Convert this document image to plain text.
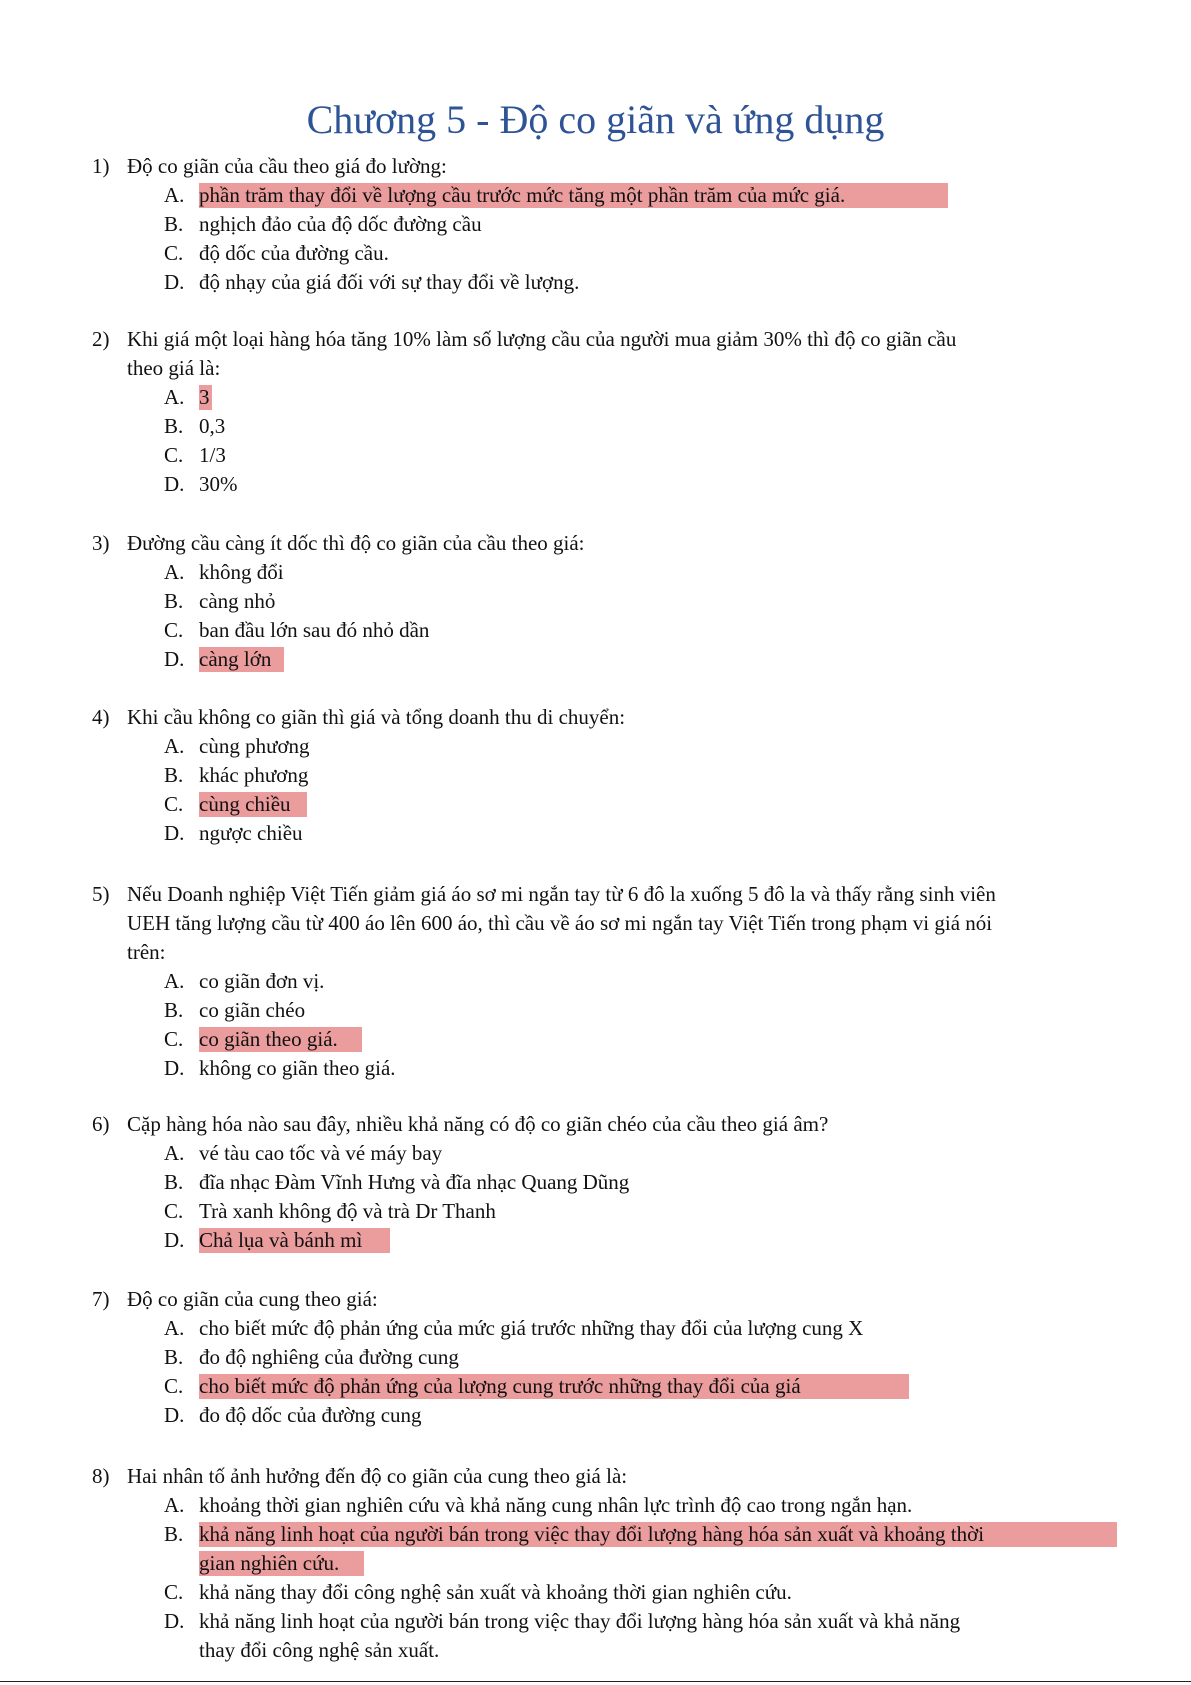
Chương 5 - Độ co giãn và ứng dụng
1) Độ co giãn của cầu theo giá đo lường:
A. phần trăm thay đổi về lượng cầu trước mức tăng một phần trăm của mức giá.
B. nghịch đảo của độ dốc đường cầu
C. độ dốc của đường cầu.
D. độ nhạy của giá đối với sự thay đổi về lượng.
2) Khi giá một loại hàng hóa tăng 10% làm số lượng cầu của người mua giảm 30% thì độ co giãn cầu
theo giá là:
A. 3
B. 0,3
C. 1/3
D. 30%
3) Đường cầu càng ít dốc thì độ co giãn của cầu theo giá:
A. không đổi
B. càng nhỏ
C. ban đầu lớn sau đó nhỏ dần
D. càng lớn
4) Khi cầu không co giãn thì giá và tổng doanh thu di chuyển:
A. cùng phương
B. khác phương
C. cùng chiều
D. ngược chiều
5) Nếu Doanh nghiệp Việt Tiến giảm giá áo sơ mi ngắn tay từ 6 đô la xuống 5 đô la và thấy rằng sinh viên
UEH tăng lượng cầu từ 400 áo lên 600 áo, thì cầu về áo sơ mi ngắn tay Việt Tiến trong phạm vi giá nói
trên:
A. co giãn đơn vị.
B. co giãn chéo
C. co giãn theo giá.
D. không co giãn theo giá.
6) Cặp hàng hóa nào sau đây, nhiều khả năng có độ co giãn chéo của cầu theo giá âm?
A. vé tàu cao tốc và vé máy bay
B. đĩa nhạc Đàm Vĩnh Hưng và đĩa nhạc Quang Dũng
C. Trà xanh không độ và trà Dr Thanh
D. Chả lụa và bánh mì
7) Độ co giãn của cung theo giá:
A. cho biết mức độ phản ứng của mức giá trước những thay đổi của lượng cung X
B. đo độ nghiêng của đường cung
C. cho biết mức độ phản ứng của lượng cung trước những thay đổi của giá
D. đo độ dốc của đường cung
8) Hai nhân tố ảnh hưởng đến độ co giãn của cung theo giá là:
A. khoảng thời gian nghiên cứu và khả năng cung nhân lực trình độ cao trong ngắn hạn.
B. khả năng linh hoạt của người bán trong việc thay đổi lượng hàng hóa sản xuất và khoảng thời
gian nghiên cứu.
C. khả năng thay đổi công nghệ sản xuất và khoảng thời gian nghiên cứu.
D. khả năng linh hoạt của người bán trong việc thay đổi lượng hàng hóa sản xuất và khả năng
thay đổi công nghệ sản xuất.
